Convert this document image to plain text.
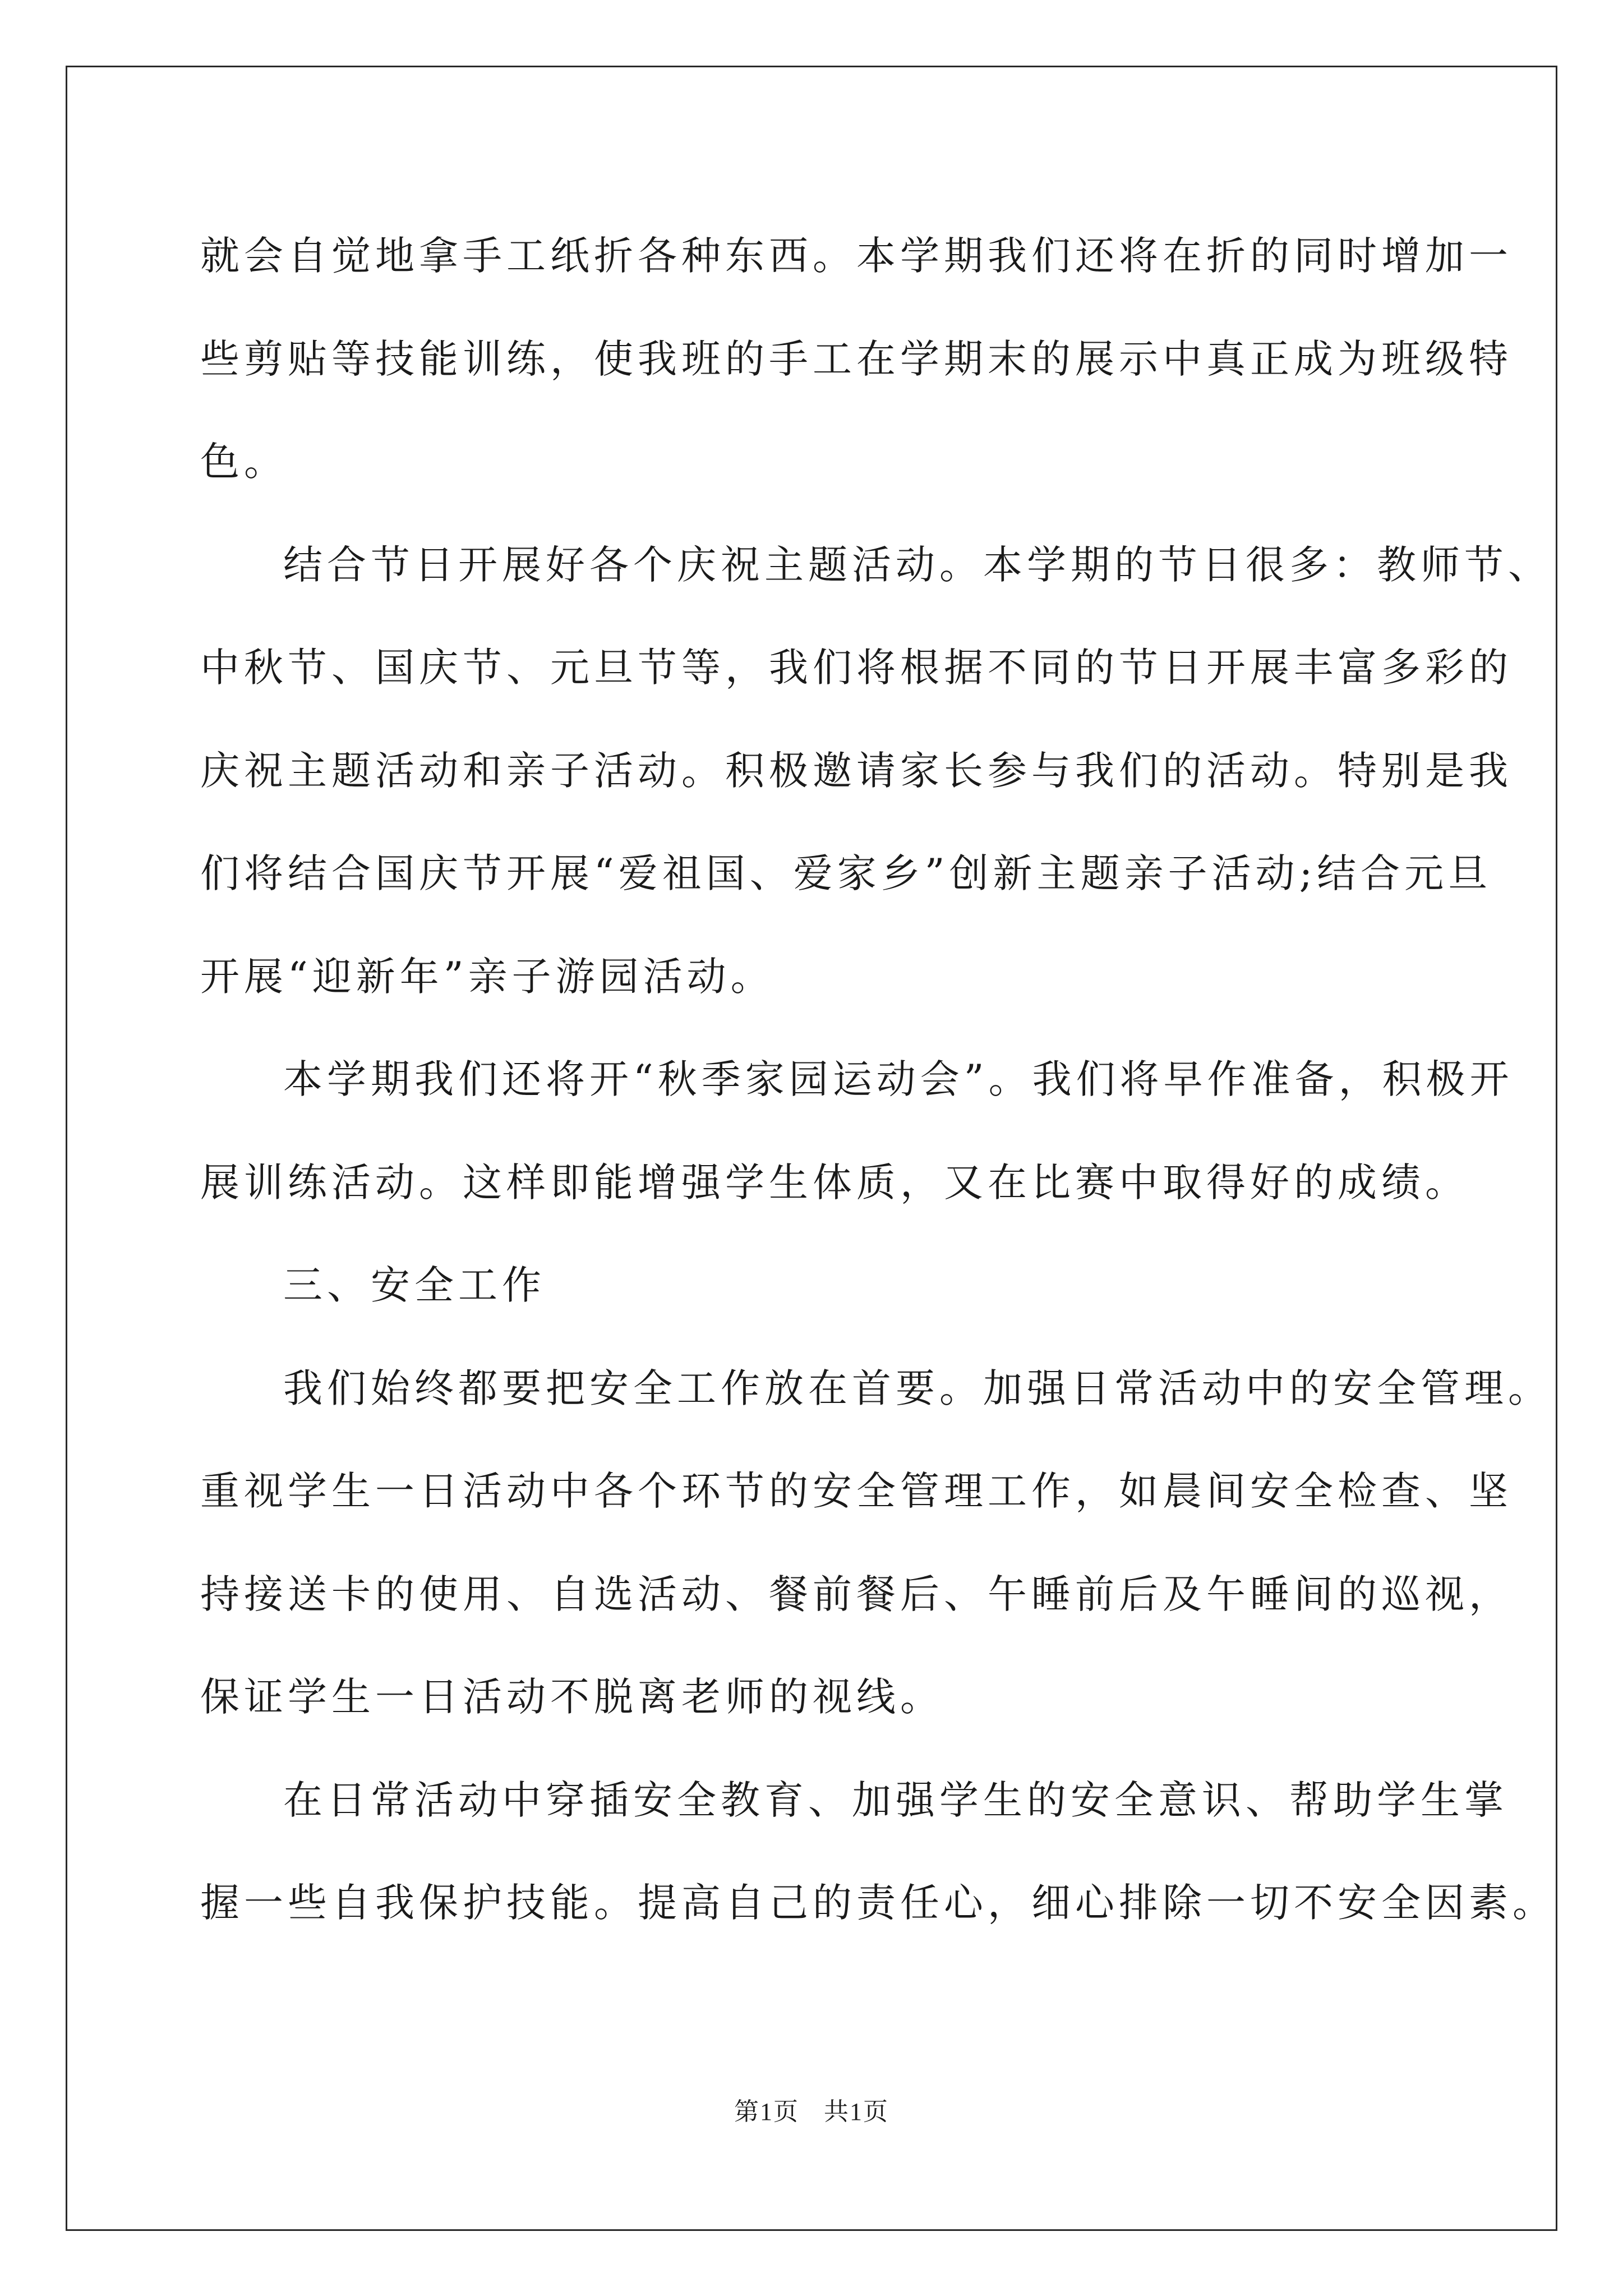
就会自觉地拿手工纸折各种东西。本学期我们还将在折的同时增加一
些剪贴等技能训练，使我班的手工在学期末的展示中真正成为班级特
色。

结合节日开展好各个庆祝主题活动。本学期的节日很多：教师节、
中秋节、国庆节、元旦节等，我们将根据不同的节日开展丰富多彩的
庆祝主题活动和亲子活动。积极邀请家长参与我们的活动。特别是我
们将结合国庆节开展“爱祖国、爱家乡”创新主题亲子活动;结合元旦
开展“迎新年”亲子游园活动。

本学期我们还将开“秋季家园运动会”。我们将早作准备，积极开
展训练活动。这样即能增强学生体质，又在比赛中取得好的成绩。

三、安全工作

我们始终都要把安全工作放在首要。加强日常活动中的安全管理。
重视学生一日活动中各个环节的安全管理工作，如晨间安全检查、坚
持接送卡的使用、自选活动、餐前餐后、午睡前后及午睡间的巡视，
保证学生一日活动不脱离老师的视线。

在日常活动中穿插安全教育、加强学生的安全意识、帮助学生掌
握一些自我保护技能。提高自己的责任心，细心排除一切不安全因素。

第1页 共1页
